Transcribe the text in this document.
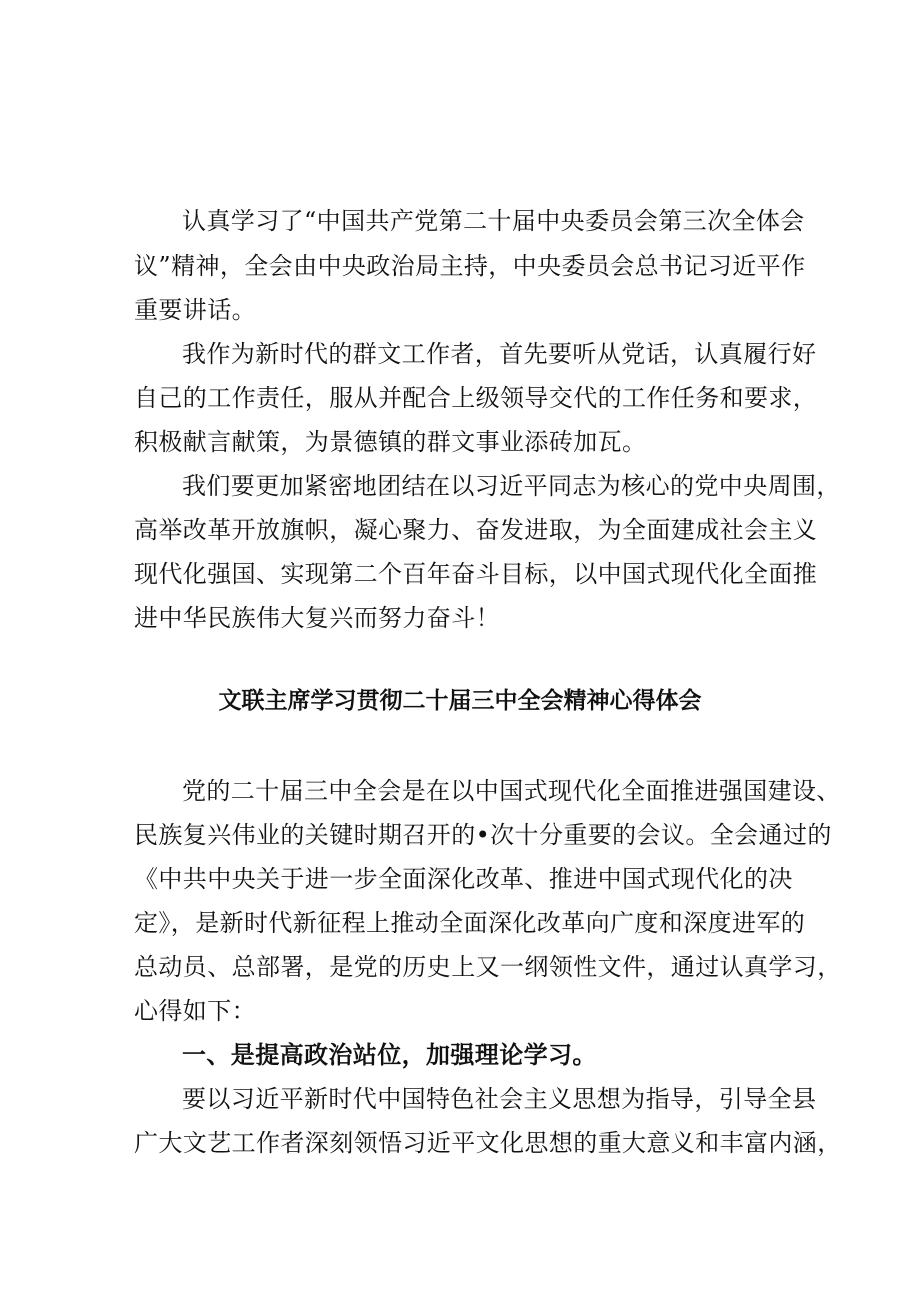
认真学习了“中国共产党第二十届中央委员会第三次全体会
议”精神，全会由中央政治局主持，中央委员会总书记习近平作
重要讲话。
我作为新时代的群文工作者，首先要听从党话，认真履行好
自己的工作责任，服从并配合上级领导交代的工作任务和要求，
积极献言献策，为景德镇的群文事业添砖加瓦。
我们要更加紧密地团结在以习近平同志为核心的党中央周围，
高举改革开放旗帜，凝心聚力、奋发进取，为全面建成社会主义
现代化强国、实现第二个百年奋斗目标，以中国式现代化全面推
进中华民族伟大复兴而努力奋斗！
文联主席学习贯彻二十届三中全会精神心得体会
党的二十届三中全会是在以中国式现代化全面推进强国建设、
民族复兴伟业的关键时期召开的•次十分重要的会议。全会通过的
《中共中央关于进一步全面深化改革、推进中国式现代化的决
定》，是新时代新征程上推动全面深化改革向广度和深度进军的
总动员、总部署，是党的历史上又一纲领性文件，通过认真学习，
心得如下：
一、是提高政治站位，加强理论学习。
要以习近平新时代中国特色社会主义思想为指导，引导全县
广大文艺工作者深刻领悟习近平文化思想的重大意义和丰富内涵，
